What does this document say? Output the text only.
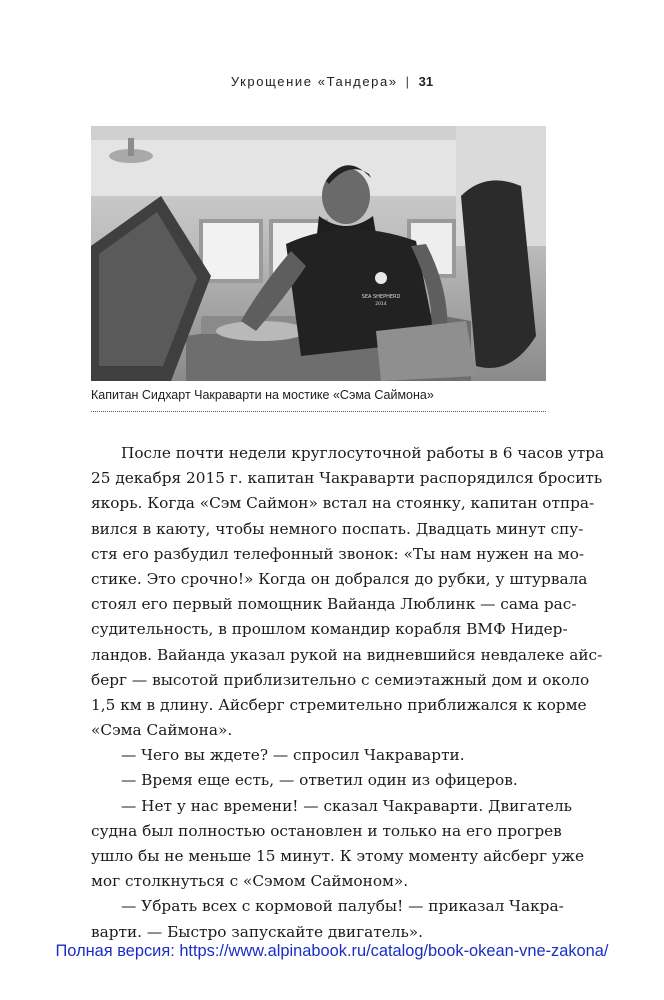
Укрощение «Тандера» | 31
SEA SHEPHERD
2014
Капитан Сидхарт Чакраварти на мостике «Сэма Саймона»
После почти недели круглосуточной работы в 6 часов утра
25 декабря 2015 г. капитан Чакраварти распорядился бросить
якорь. Когда «Сэм Саймон» встал на стоянку, капитан отпра-
вился в каюту, чтобы немного поспать. Двадцать минут спу-
стя его разбудил телефонный звонок: «Ты нам нужен на мо-
стике. Это срочно!» Когда он добрался до рубки, у штурвала
стоял его первый помощник Вайанда Люблинк — сама рас-
судительность, в прошлом командир корабля ВМФ Нидер-
ландов. Вайанда указал рукой на видневшийся невдалеке айс-
берг — высотой приблизительно с семиэтажный дом и около
1,5 км в длину. Айсберг стремительно приближался к корме
«Сэма Саймона».
— Чего вы ждете? — спросил Чакраварти.
— Время еще есть, — ответил один из офицеров.
— Нет у нас времени! — сказал Чакраварти. Двигатель
судна был полностью остановлен и только на его прогрев
ушло бы не меньше 15 минут. К этому моменту айсберг уже
мог столкнуться с «Сэмом Саймоном».
— Убрать всех с кормовой палубы! — приказал Чакра-
варти. — Быстро запускайте двигатель».
Полная версия: https://www.alpinabook.ru/catalog/book-okean-vne-zakona/
